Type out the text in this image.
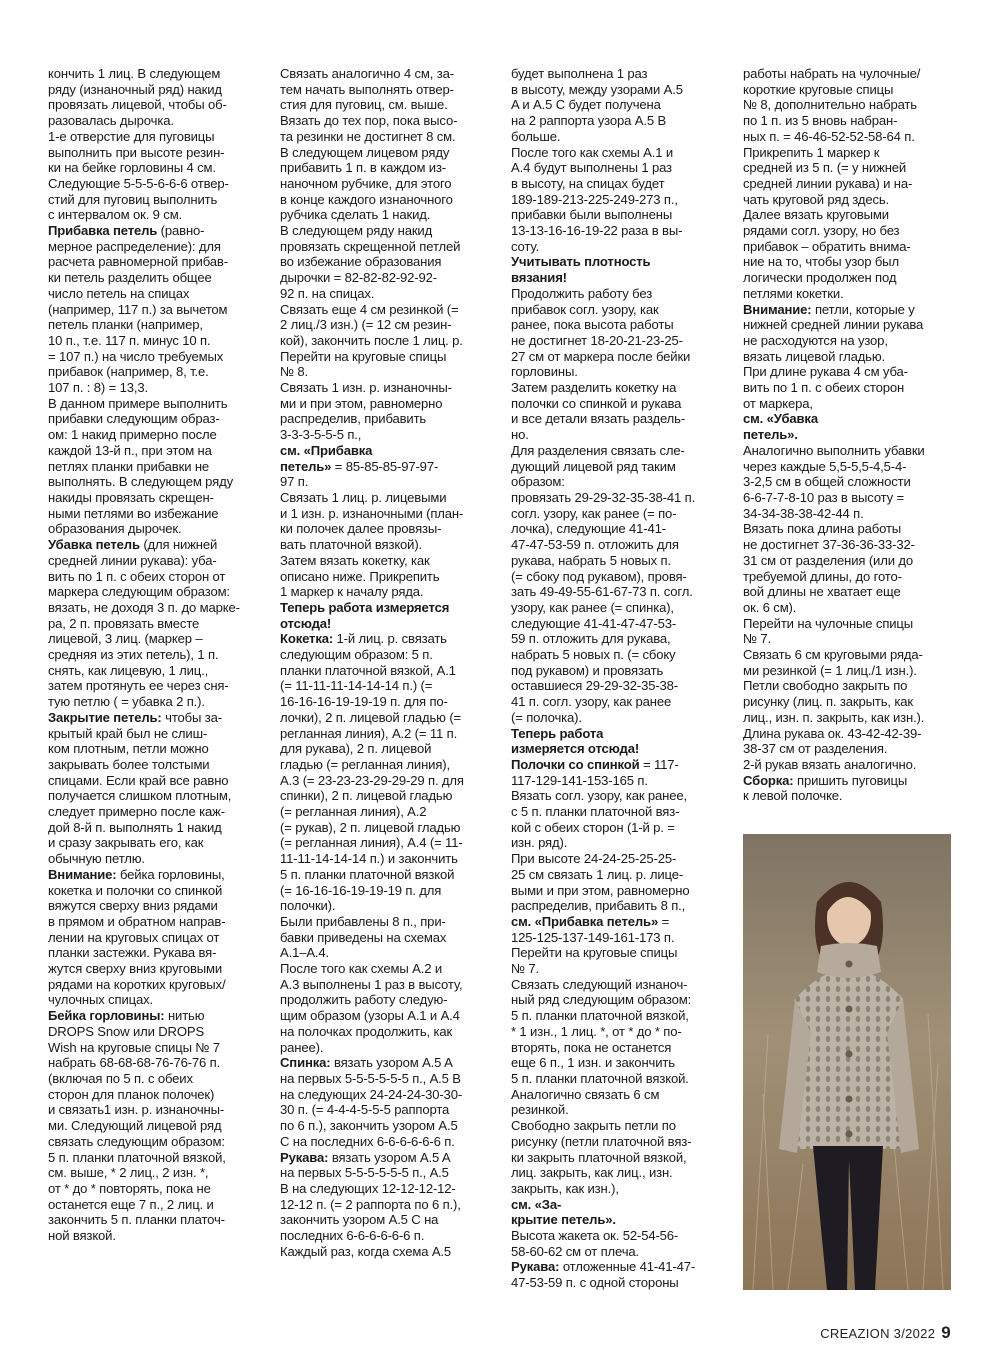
кончить 1 лиц. В следующем
ряду (изнаночный ряд) накид
провязать лицевой, чтобы об-
разовалась дырочка.
1-е отверстие для пуговицы
выполнить при высоте резин-
ки на бейке горловины 4 см.
Следующие 5-5-5-6-6-6 отвер-
стий для пуговиц выполнить
с интервалом ок. 9 см.

Прибавка петель (равно-
мерное распределение): для
расчета равномерной прибав-
ки петель разделить общее
число петель на спицах
(например, 117 п.) за вычетом
петель планки (например,
10 п., т.е. 117 п. минус 10 п.
= 107 п.) на число требуемых
прибавок (например, 8, т.е.
107 п. : 8) = 13,3.
В данном примере выполнить
прибавки следующим образ-
ом: 1 накид примерно после
каждой 13-й п., при этом на
петлях планки прибавки не
выполнять. В следующем ряду
накиды провязать скрещен-
ными петлями во избежание
образования дырочек.

Убавка петель (для нижней
средней линии рукава): уба-
вить по 1 п. с обеих сторон от
маркера следующим образом:
вязать, не доходя 3 п. до марке-
ра, 2 п. провязать вместе
лицевой, 3 лиц. (маркер –
средняя из этих петель), 1 п.
снять, как лицевую, 1 лиц.,
затем протянуть ее через сня-
тую петлю ( = убавка 2 п.).

Закрытие петель: чтобы за-
крытый край был не слиш-
ком плотным, петли можно
закрывать более толстыми
спицами. Если край все равно
получается слишком плотным,
следует примерно после каж-
дой 8-й п. выполнять 1 накид
и сразу закрывать его, как
обычную петлю.

Внимание: бейка горловины,
кокетка и полочки со спинкой
вяжутся сверху вниз рядами
в прямом и обратном направ-
лении на круговых спицах от
планки застежки. Рукава вя-
жутся сверху вниз круговыми
рядами на коротких круговых/
чулочных спицах.

Бейка горловины: нитью
DROPS Snow или DROPS
Wish на круговые спицы № 7
набрать 68-68-68-76-76-76 п.
(включая по 5 п. с обеих
сторон для планок полочек)
и связать1 изн. р. изнаночны-
ми. Следующий лицевой ряд
связать следующим образом:
5 п. планки платочной вязкой,
см. выше, * 2 лиц., 2 изн. *,
от * до * повторять, пока не
останется еще 7 п., 2 лиц. и
закончить 5 п. планки платоч-
ной вязкой.

Связать аналогично 4 см, за-
тем начать выполнять отвер-
стия для пуговиц, см. выше.
Вязать до тех пор, пока высо-
та резинки не достигнет 8 см.
В следующем лицевом ряду
прибавить 1 п. в каждом из-
наночном рубчике, для этого
в конце каждого изнаночного
рубчика сделать 1 накид.
В следующем ряду накид
провязать скрещенной петлей
во избежание образования
дырочки = 82-82-82-92-92-
92 п. на спицах.
Связать еще 4 см резинкой (=
2 лиц./3 изн.) (= 12 см резин-
кой), закончить после 1 лиц. р.
Перейти на круговые спицы
№ 8.
Связать 1 изн. р. изнаночны-
ми и при этом, равномерно
распределив, прибавить
3-3-3-5-5-5 п.,

см. «Прибавка
петель» = 85-85-85-97-97-
97 п.
Связать 1 лиц. р. лицевыми
и 1 изн. р. изнаночными (план-
ки полочек далее провязы-
вать платочной вязкой).
Затем вязать кокетку, как
описано ниже. Прикрепить
1 маркер к началу ряда.

Теперь работа измеряется
отсюда!

Кокетка: 1-й лиц. р. связать
следующим образом: 5 п.
планки платочной вязкой, A.1
(= 11-11-11-14-14-14 п.) (=
16-16-16-19-19-19 п. для по-
лочки), 2 п. лицевой гладью (=
регланная линия), A.2 (= 11 п.
для рукава), 2 п. лицевой
гладью (= регланная линия),
A.3 (= 23-23-23-29-29-29 п. для
спинки), 2 п. лицевой гладью
(= регланная линия), A.2
(= рукав), 2 п. лицевой гладью
(= регланная линия), A.4 (= 11-
11-11-14-14-14 п.) и закончить
5 п. планки платочной вязкой
(= 16-16-16-19-19-19 п. для
полочки).
Были прибавлены 8 п., при-
бавки приведены на схемах
A.1–A.4.
После того как схемы A.2 и
A.3 выполнены 1 раз в высоту,
продолжить работу следую-
щим образом (узоры A.1 и A.4
на полочках продолжить, как
ранее).

Спинка: вязать узором A.5 A
на первых 5-5-5-5-5-5 п., A.5 B
на следующих 24-24-24-30-30-
30 п. (= 4-4-4-5-5-5 раппорта
по 6 п.), закончить узором A.5
C на последних 6-6-6-6-6-6 п.

Рукава: вязать узором A.5 A
на первых 5-5-5-5-5-5 п., A.5
B на следующих 12-12-12-12-
12-12 п. (= 2 раппорта по 6 п.),
закончить узором A.5 C на
последних 6-6-6-6-6-6 п.
Каждый раз, когда схема A.5

будет выполнена 1 раз
в высоту, между узорами A.5
A и A.5 C будет получена
на 2 раппорта узора A.5 B
больше.
После того как схемы A.1 и
A.4 будут выполнены 1 раз
в высоту, на спицах будет
189-189-213-225-249-273 п.,
прибавки были выполнены
13-13-16-16-19-22 раза в вы-
соту.

Учитывать плотность
вязания!

Продолжить работу без
прибавок согл. узору, как
ранее, пока высота работы
не достигнет 18-20-21-23-25-
27 см от маркера после бейки
горловины.
Затем разделить кокетку на
полочки со спинкой и рукава
и все детали вязать раздель-
но.
Для разделения связать сле-
дующий лицевой ряд таким
образом:
провязать 29-29-32-35-38-41 п.
согл. узору, как ранее (= по-
лочка), следующие 41-41-
47-47-53-59 п. отложить для
рукава, набрать 5 новых п.
(= сбоку под рукавом), провя-
зать 49-49-55-61-67-73 п. согл.
узору, как ранее (= спинка),
следующие 41-41-47-47-53-
59 п. отложить для рукава,
набрать 5 новых п. (= сбоку
под рукавом) и провязать
оставшиеся 29-29-32-35-38-
41 п. согл. узору, как ранее
(= полочка).

Теперь работа
измеряется отсюда!

Полочки со спинкой = 117-
117-129-141-153-165 п.
Вязать согл. узору, как ранее,
с 5 п. планки платочной вяз-
кой с обеих сторон (1-й р. =
изн. ряд).
При высоте 24-24-25-25-25-
25 см связать 1 лиц. р. лице-
выми и при этом, равномерно
распределив, прибавить 8 п.,

см. «Прибавка петель» =
125-125-137-149-161-173 п.
Перейти на круговые спицы
№ 7.
Связать следующий изнаноч-
ный ряд следующим образом:
5 п. планки платочной вязкой,
* 1 изн., 1 лиц. *, от * до * по-
вторять, пока не останется
еще 6 п., 1 изн. и закончить
5 п. планки платочной вязкой.
Аналогично связать 6 см
резинкой.
Свободно закрыть петли по
рисунку (петли платочной вяз-
ки закрыть платочной вязкой,
лиц. закрыть, как лиц., изн.
закрыть, как изн.),

см. «За-
крытие петель».
Высота жакета ок. 52-54-56-
58-60-62 см от плеча.

Рукава: отложенные 41-41-47-
47-53-59 п. с одной стороны

работы набрать на чулочные/
короткие круговые спицы
№ 8, дополнительно набрать
по 1 п. из 5 вновь набран-
ных п. = 46-46-52-52-58-64 п.
Прикрепить 1 маркер к
средней из 5 п. (= у нижней
средней линии рукава) и на-
чать круговой ряд здесь.
Далее вязать круговыми
рядами согл. узору, но без
прибавок – обратить внима-
ние на то, чтобы узор был
логически продолжен под
петлями кокетки.

Внимание: петли, которые у
нижней средней линии рукава
не расходуются на узор,
вязать лицевой гладью.
При длине рукава 4 см уба-
вить по 1 п. с обеих сторон
от маркера,

см. «Убавка
петель».
Аналогично выполнить убавки
через каждые 5,5-5,5-4,5-4-
3-2,5 см в общей сложности
6-6-7-7-8-10 раз в высоту =
34-34-38-38-42-44 п.
Вязать пока длина работы
не достигнет 37-36-36-33-32-
31 см от разделения (или до
требуемой длины, до гото-
вой длины не хватает еще
ок. 6 см).
Перейти на чулочные спицы
№ 7.
Связать 6 см круговыми ряда-
ми резинкой (= 1 лиц./1 изн.).
Петли свободно закрыть по
рисунку (лиц. п. закрыть, как
лиц., изн. п. закрыть, как изн.).
Длина рукава ок. 43-42-42-39-
38-37 см от разделения.
2-й рукав вязать аналогично.

Сборка: пришить пуговицы
к левой полочке.

CREAZION 3/2022 9
